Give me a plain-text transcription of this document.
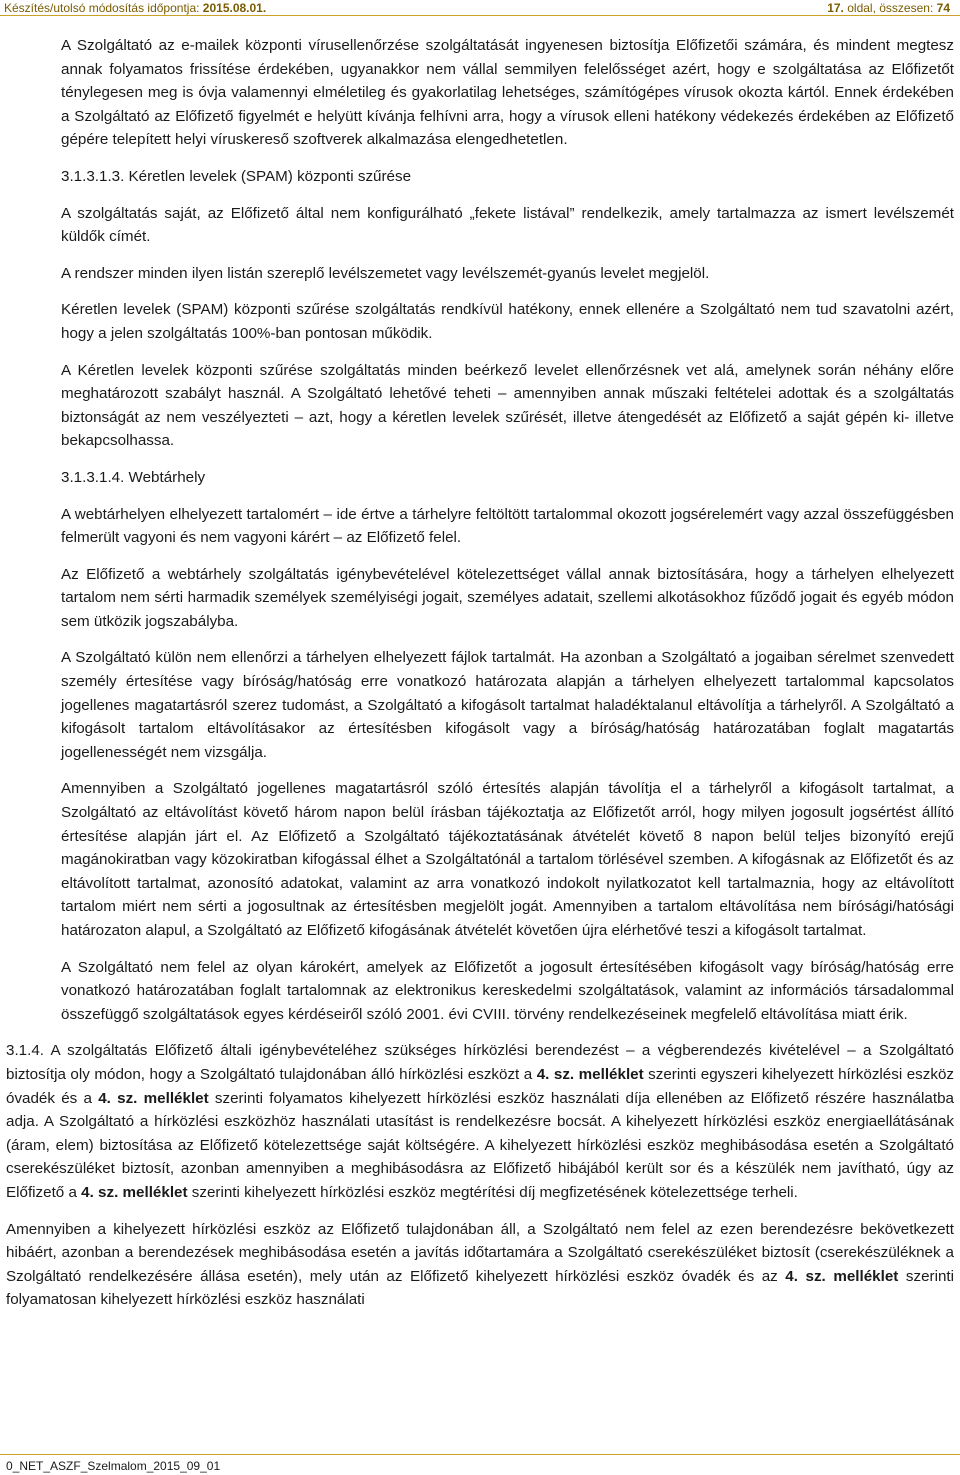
Készítés/utolsó módosítás időpontja: 2015.08.01.	17. oldal, összesen: 74

A Szolgáltató az e-mailek központi vírusellenőrzése szolgáltatását ingyenesen biztosítja Előfizetői számára, és mindent megtesz annak folyamatos frissítése érdekében, ugyanakkor nem vállal semmilyen felelősséget azért, hogy e szolgáltatása az Előfizetőt ténylegesen meg is óvja valamennyi elméletileg és gyakorlatilag lehetséges, számítógépes vírusok okozta kártól. Ennek érdekében a Szolgáltató az Előfizető figyelmét e helyütt kívánja felhívni arra, hogy a vírusok elleni hatékony védekezés érdekében az Előfizető gépére telepített helyi víruskereső szoftverek alkalmazása elengedhetetlen.

3.1.3.1.3. Kéretlen levelek (SPAM) központi szűrése

A szolgáltatás saját, az Előfizető által nem konfigurálható „fekete listával” rendelkezik, amely tartalmazza az ismert levélszemét küldők címét.

A rendszer minden ilyen listán szereplő levélszemetet vagy levélszemét-gyanús levelet megjelöl.

Kéretlen levelek (SPAM) központi szűrése szolgáltatás rendkívül hatékony, ennek ellenére a Szolgáltató nem tud szavatolni azért, hogy a jelen szolgáltatás 100%-ban pontosan működik.

A Kéretlen levelek központi szűrése szolgáltatás minden beérkező levelet ellenőrzésnek vet alá, amelynek során néhány előre meghatározott szabályt használ. A Szolgáltató lehetővé teheti – amennyiben annak műszaki feltételei adottak és a szolgáltatás biztonságát az nem veszélyezteti – azt, hogy a kéretlen levelek szűrését, illetve átengedését az Előfizető a saját gépén ki- illetve bekapcsolhassa.

3.1.3.1.4. Webtárhely

A webtárhelyen elhelyezett tartalomért – ide értve a tárhelyre feltöltött tartalommal okozott jogsérelemért vagy azzal összefüggésben felmerült vagyoni és nem vagyoni kárért – az Előfizető felel.

Az Előfizető a webtárhely szolgáltatás igénybevételével kötelezettséget vállal annak biztosítására, hogy a tárhelyen elhelyezett tartalom nem sérti harmadik személyek személyiségi jogait, személyes adatait, szellemi alkotásokhoz fűződő jogait és egyéb módon sem ütközik jogszabályba.

A Szolgáltató külön nem ellenőrzi a tárhelyen elhelyezett fájlok tartalmát. Ha azonban a Szolgáltató a jogaiban sérelmet szenvedett személy értesítése vagy bíróság/hatóság erre vonatkozó határozata alapján a tárhelyen elhelyezett tartalommal kapcsolatos jogellenes magatartásról szerez tudomást, a Szolgáltató a kifogásolt tartalmat haladéktalanul eltávolítja a tárhelyről. A Szolgáltató a kifogásolt tartalom eltávolításakor az értesítésben kifogásolt vagy a bíróság/hatóság határozatában foglalt magatartás jogellenességét nem vizsgálja.

Amennyiben a Szolgáltató jogellenes magatartásról szóló értesítés alapján távolítja el a tárhelyről a kifogásolt tartalmat, a Szolgáltató az eltávolítást követő három napon belül írásban tájékoztatja az Előfizetőt arról, hogy milyen jogosult jogsértést állító értesítése alapján járt el. Az Előfizető a Szolgáltató tájékoztatásának átvételét követő 8 napon belül teljes bizonyító erejű magánokiratban vagy közokiratban kifogással élhet a Szolgáltatónál a tartalom törlésével szemben. A kifogásnak az Előfizetőt és az eltávolított tartalmat, azonosító adatokat, valamint az arra vonatkozó indokolt nyilatkozatot kell tartalmaznia, hogy az eltávolított tartalom miért nem sérti a jogosultnak az értesítésben megjelölt jogát. Amennyiben a tartalom eltávolítása nem bírósági/hatósági határozaton alapul, a Szolgáltató az Előfizető kifogásának átvételét követően újra elérhetővé teszi a kifogásolt tartalmat.

A Szolgáltató nem felel az olyan károkért, amelyek az Előfizetőt a jogosult értesítésében kifogásolt vagy bíróság/hatóság erre vonatkozó határozatában foglalt tartalomnak az elektronikus kereskedelmi szolgáltatások, valamint az információs társadalommal összefüggő szolgáltatások egyes kérdéseiről szóló 2001. évi CVIII. törvény rendelkezéseinek megfelelő eltávolítása miatt érik.

3.1.4. A szolgáltatás Előfizető általi igénybevételéhez szükséges hírközlési berendezést – a végberendezés kivételével – a Szolgáltató biztosítja oly módon, hogy a Szolgáltató tulajdonában álló hírközlési eszközt a 4. sz. melléklet szerinti egyszeri kihelyezett hírközlési eszköz óvadék és a 4. sz. melléklet szerinti folyamatos kihelyezett hírközlési eszköz használati díja ellenében az Előfizető részére használatba adja. A Szolgáltató a hírközlési eszközhöz használati utasítást is rendelkezésre bocsát. A kihelyezett hírközlési eszköz energiaellátásának (áram, elem) biztosítása az Előfizető kötelezettsége saját költségére. A kihelyezett hírközlési eszköz meghibásodása esetén a Szolgáltató cserekészüléket biztosít, azonban amennyiben a meghibásodásra az Előfizető hibájából került sor és a készülék nem javítható, úgy az Előfizető a 4. sz. melléklet szerinti kihelyezett hírközlési eszköz megtérítési díj megfizetésének kötelezettsége terheli.

Amennyiben a kihelyezett hírközlési eszköz az Előfizető tulajdonában áll, a Szolgáltató nem felel az ezen berendezésre bekövetkezett hibáért, azonban a berendezések meghibásodása esetén a javítás időtartamára a Szolgáltató cserekészüléket biztosít (cserekészüléknek a Szolgáltató rendelkezésére állása esetén), mely után az Előfizető kihelyezett hírközlési eszköz óvadék és az 4. sz. melléklet szerinti folyamatosan kihelyezett hírközlési eszköz használati

0_NET_ASZF_Szelmalom_2015_09_01
